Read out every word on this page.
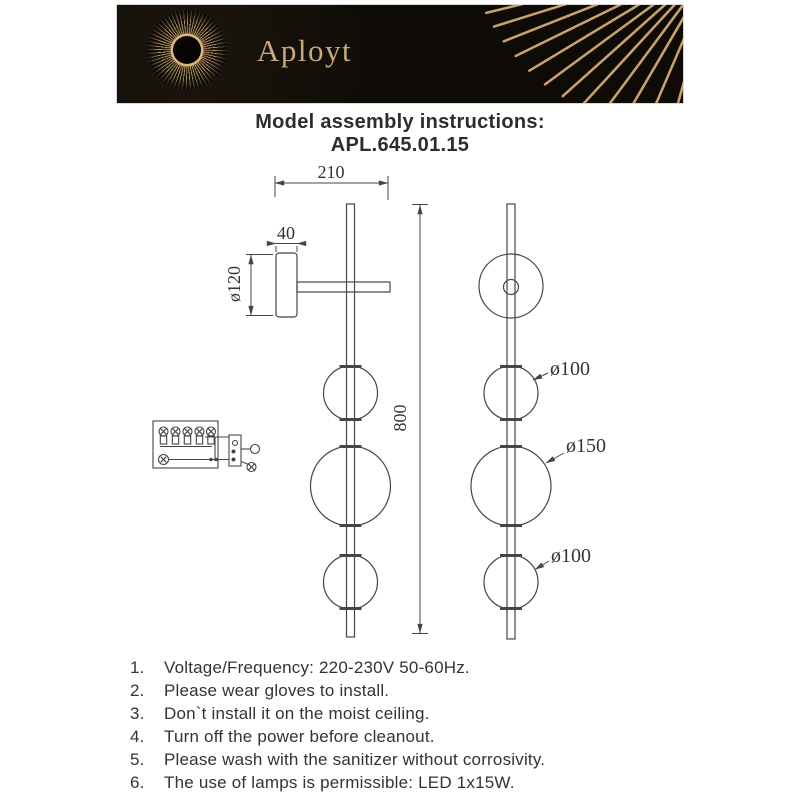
Aployt
Model assembly instructions:
APL.645.01.15
210
40
ø120
800
ø100
ø150
ø100
1.	Voltage/Frequency: 220-230V 50-60Hz.
2.	Please wear gloves to install.
3.	Don`t install it on the moist ceiling.
4.	Turn off the power before cleanout.
5.	Please wash with the sanitizer without corrosivity.
6.	The use of lamps is permissible: LED 1x15W.
